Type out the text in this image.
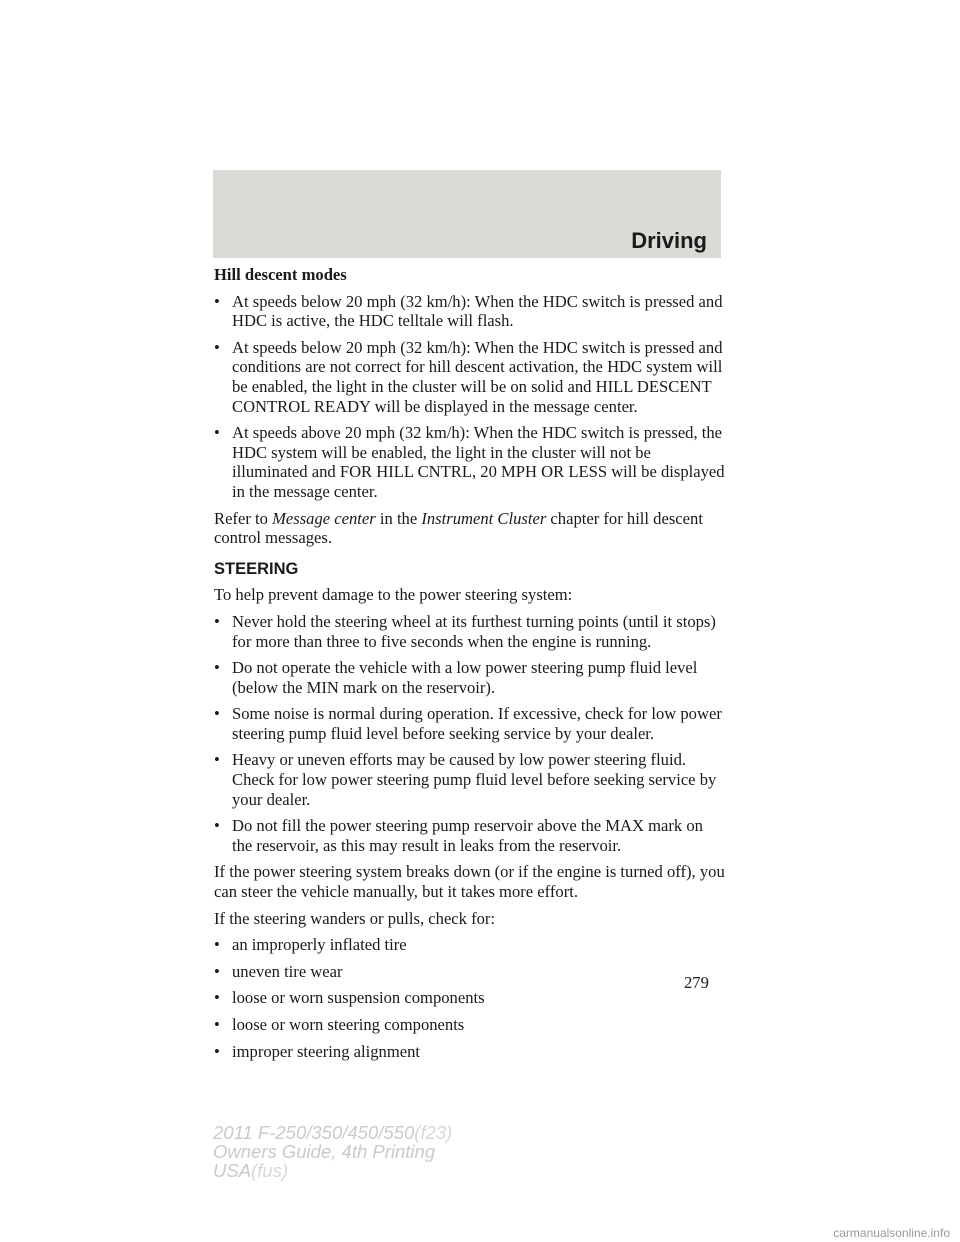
Driving

Hill descent modes

• At speeds below 20 mph (32 km/h): When the HDC switch is pressed and HDC is active, the HDC telltale will flash.
• At speeds below 20 mph (32 km/h): When the HDC switch is pressed and conditions are not correct for hill descent activation, the HDC system will be enabled, the light in the cluster will be on solid and HILL DESCENT CONTROL READY will be displayed in the message center.
• At speeds above 20 mph (32 km/h): When the HDC switch is pressed, the HDC system will be enabled, the light in the cluster will not be illuminated and FOR HILL CNTRL, 20 MPH OR LESS will be displayed in the message center.

Refer to Message center in the Instrument Cluster chapter for hill descent control messages.

STEERING

To help prevent damage to the power steering system:

• Never hold the steering wheel at its furthest turning points (until it stops) for more than three to five seconds when the engine is running.
• Do not operate the vehicle with a low power steering pump fluid level (below the MIN mark on the reservoir).
• Some noise is normal during operation. If excessive, check for low power steering pump fluid level before seeking service by your dealer.
• Heavy or uneven efforts may be caused by low power steering fluid. Check for low power steering pump fluid level before seeking service by your dealer.
• Do not fill the power steering pump reservoir above the MAX mark on the reservoir, as this may result in leaks from the reservoir.

If the power steering system breaks down (or if the engine is turned off), you can steer the vehicle manually, but it takes more effort.

If the steering wanders or pulls, check for:

• an improperly inflated tire
• uneven tire wear
• loose or worn suspension components
• loose or worn steering components
• improper steering alignment
279
2011 F-250/350/450/550(f23)
Owners Guide, 4th Printing
USA(fus)
carmanualsonline.info
